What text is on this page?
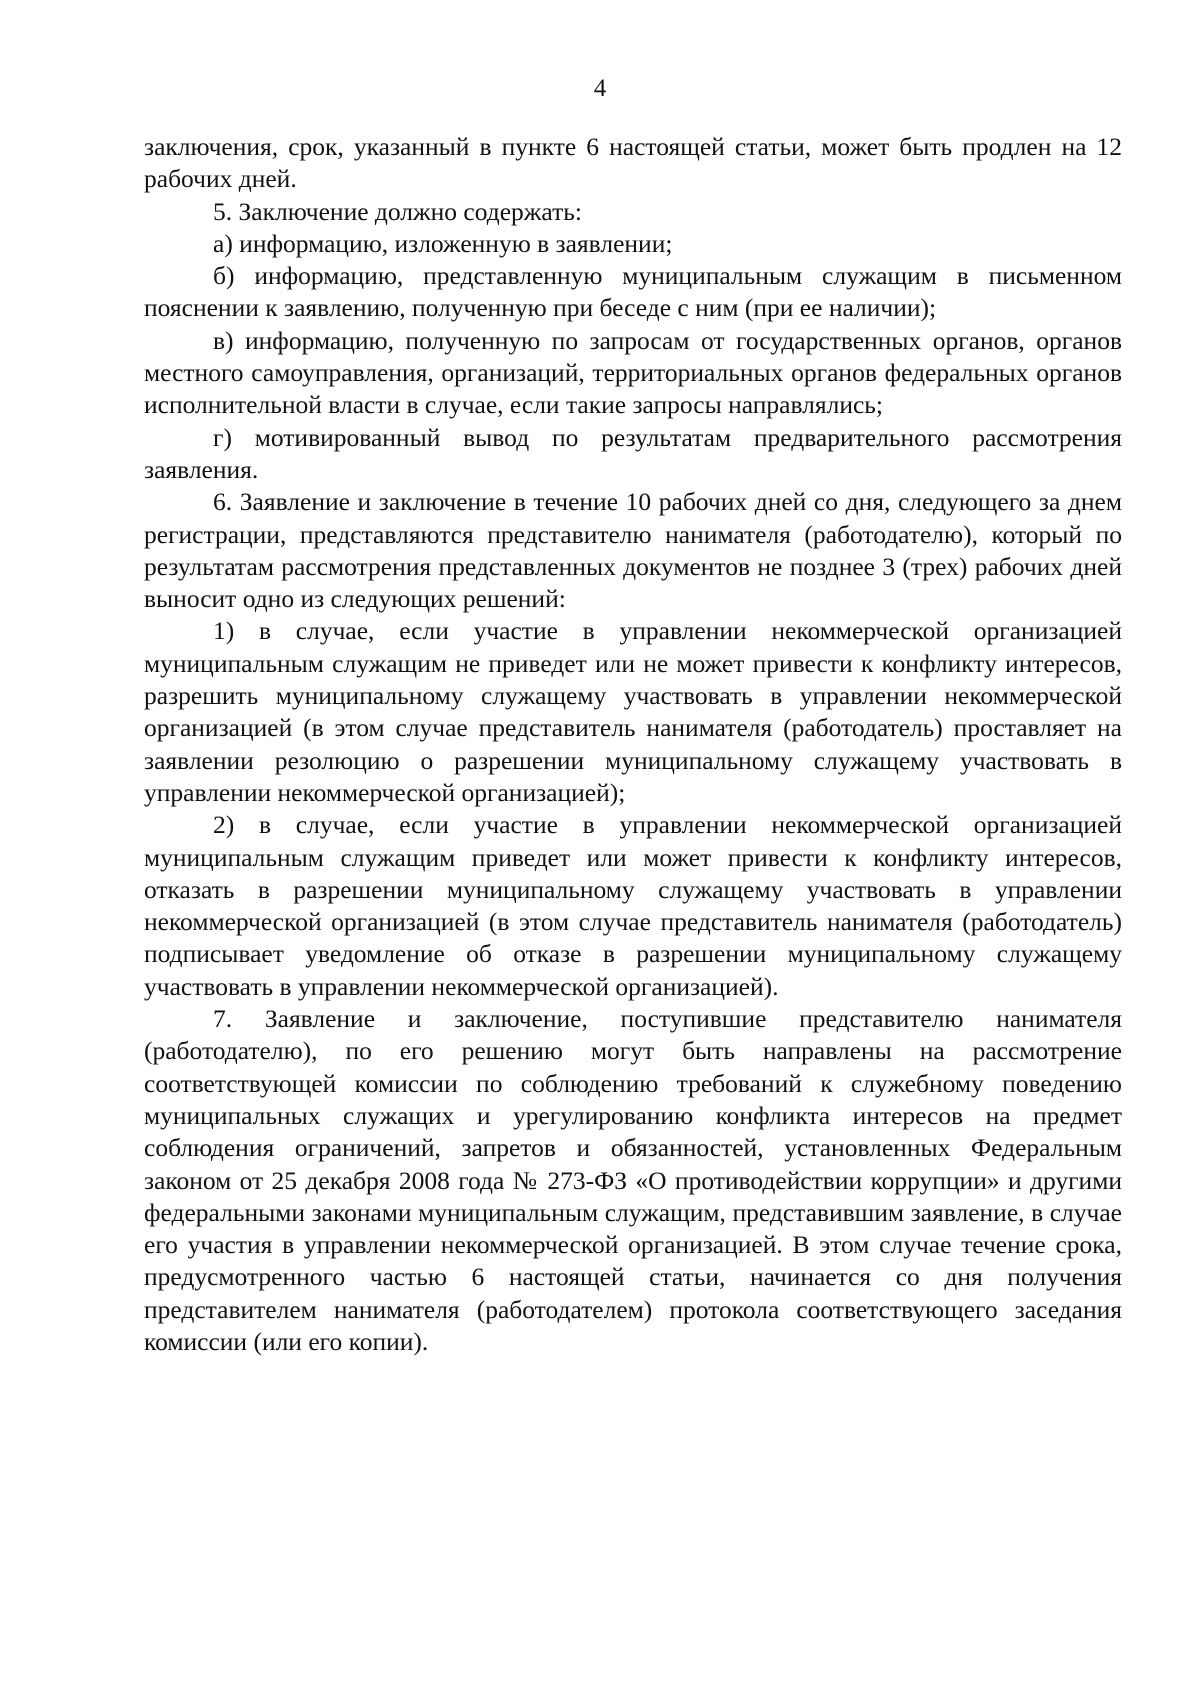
4

заключения, срок, указанный в пункте 6 настоящей статьи, может быть продлен на 12 рабочих дней.

5. Заключение должно содержать:

а) информацию, изложенную в заявлении;

б) информацию, представленную муниципальным служащим в письменном пояснении к заявлению, полученную при беседе с ним (при ее наличии);

в) информацию, полученную по запросам от государственных органов, органов местного самоуправления, организаций, территориальных органов федеральных органов исполнительной власти в случае, если такие запросы направлялись;

г) мотивированный вывод по результатам предварительного рассмотрения заявления.

6. Заявление и заключение в течение 10 рабочих дней со дня, следующего за днем регистрации, представляются представителю нанимателя (работодателю), который по результатам рассмотрения представленных документов не позднее 3 (трех) рабочих дней выносит одно из следующих решений:

1) в случае, если участие в управлении некоммерческой организацией муниципальным служащим не приведет или не может привести к конфликту интересов, разрешить муниципальному служащему участвовать в управлении некоммерческой организацией (в этом случае представитель нанимателя (работодатель) проставляет на заявлении резолюцию о разрешении муниципальному служащему участвовать в управлении некоммерческой организацией);

2) в случае, если участие в управлении некоммерческой организацией муниципальным служащим приведет или может привести к конфликту интересов, отказать в разрешении муниципальному служащему участвовать в управлении некоммерческой организацией (в этом случае представитель нанимателя (работодатель) подписывает уведомление об отказе в разрешении муниципальному служащему участвовать в управлении некоммерческой организацией).

7. Заявление и заключение, поступившие представителю нанимателя (работодателю), по его решению могут быть направлены на рассмотрение соответствующей комиссии по соблюдению требований к служебному поведению муниципальных служащих и урегулированию конфликта интересов на предмет соблюдения ограничений, запретов и обязанностей, установленных Федеральным законом от 25 декабря 2008 года № 273-ФЗ «О противодействии коррупции» и другими федеральными законами муниципальным служащим, представившим заявление, в случае его участия в управлении некоммерческой организацией. В этом случае течение срока, предусмотренного частью 6 настоящей статьи, начинается со дня получения представителем нанимателя (работодателем) протокола соответствующего заседания комиссии (или его копии).
